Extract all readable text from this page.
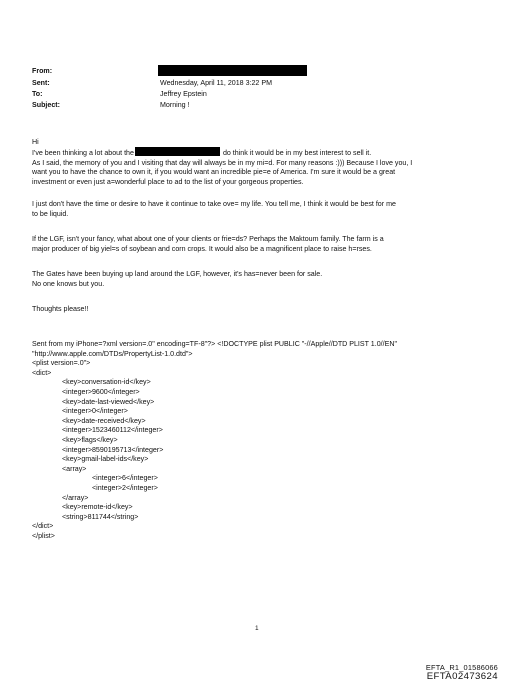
From:
Sent:	Wednesday, April 11, 2018 3:22 PM
To:	Jeffrey Epstein
Subject:	Morning !
Hi
I've been thinking a lot about the	do think it would be in my best interest to sell it.
As I said, the memory of you and I visiting that day will always be in my mi=d. For many reasons :))) Because I love you, I
want you to have the chance to own it, if you would want an incredible pie=e of America. I'm sure it would be a great
investment or even just a=wonderful place to ad to the list of your gorgeous properties.
I just don't have the time or desire to have it continue to take ove= my life. You tell me, I think it would be best for me
to be liquid.
If the LGF, isn't your fancy, what about one of your clients or frie=ds? Perhaps the Maktoum family. The farm is a
major producer of big yiel=s of soybean and corn crops. It would also be a magnificent place to raise h=rses.
The Gates have been buying up land around the LGF, however, it's has=never been for sale.
No one knows but you.
Thoughts please!!
Sent from my iPhone=?xml version=.0" encoding=TF-8"?> <!DOCTYPE plist PUBLIC "-//Apple//DTD PLIST 1.0//EN"
"http://www.apple.com/DTDs/PropertyList-1.0.dtd">
<plist version=.0">
<dict>
<key>conversation-id</key>
<integer>9600</integer>
<key>date-last-viewed</key>
<integer>0</integer>
<key>date-received</key>
<integer>1523460112</integer>
<key>flags</key>
<integer>8590195713</integer>
<key>gmail-label-ids</key>
<array>
<integer>6</integer>
<integer>2</integer>
</array>
<key>remote-id</key>
<string>811744</string>
</dict>
</plist>
1
EFTA_R1_01586066
EFTA02473624
